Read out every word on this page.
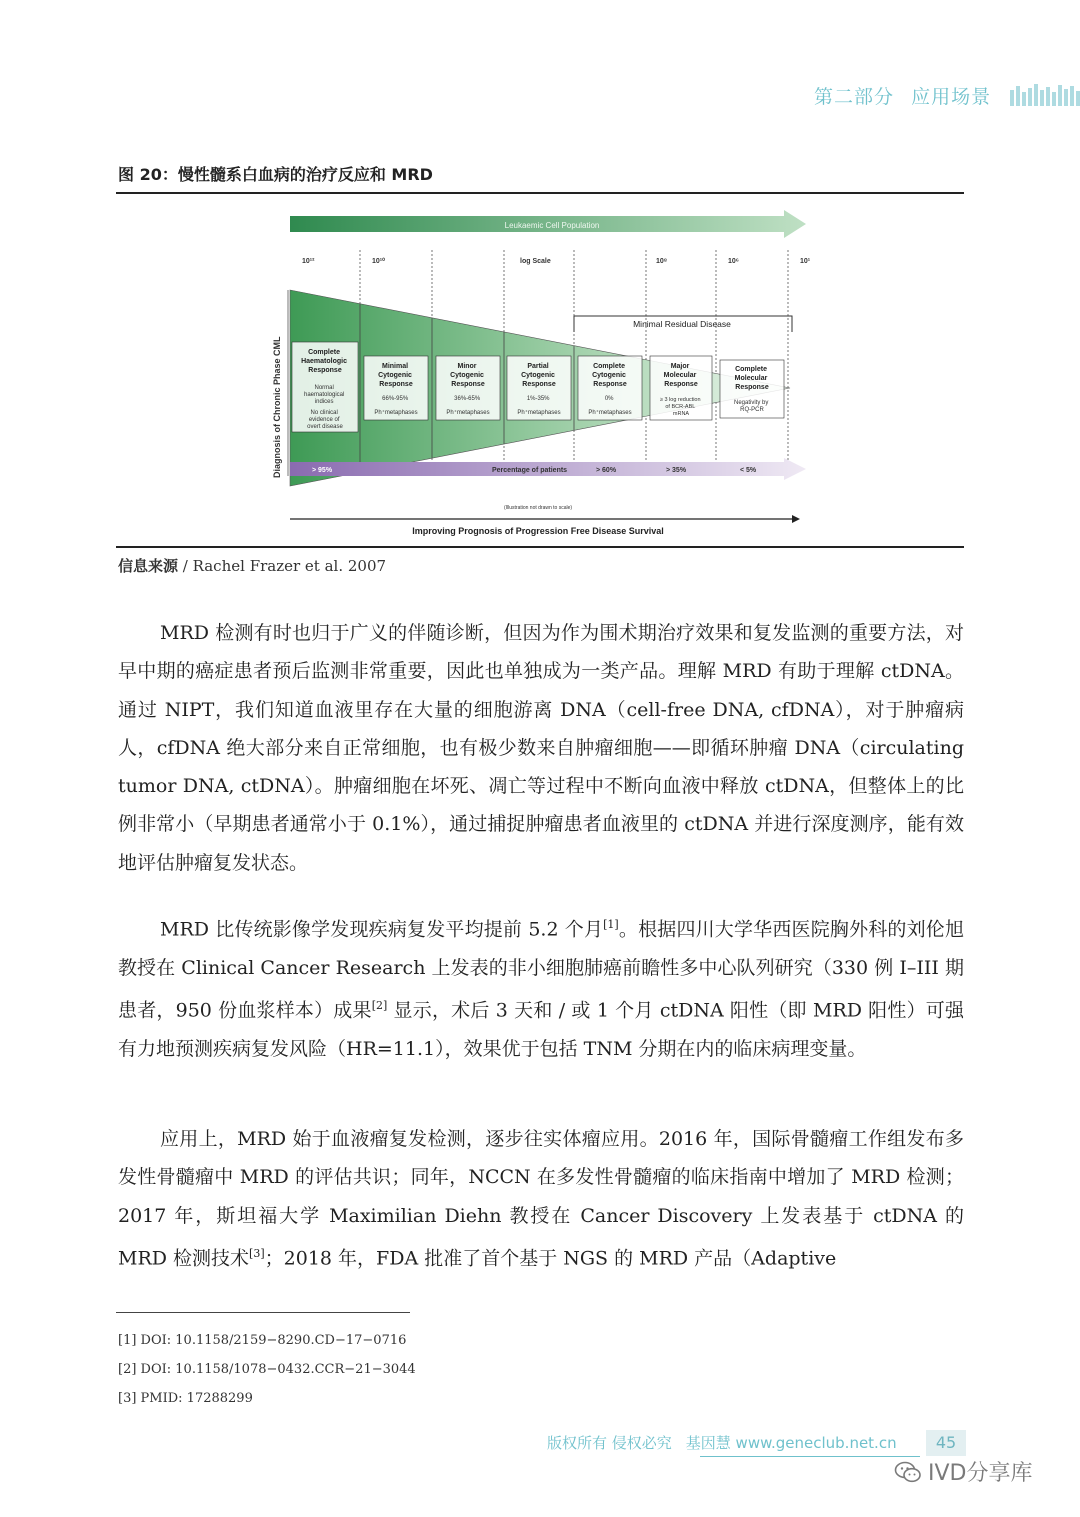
第二部分 应用场景
图 20：慢性髓系白血病的治疗反应和 MRD
Leukaemic Cell Population
10¹²	10¹⁰	log Scale	10⁸	10⁶	10¹
Diagnosis of Chronic Phase CML
Minimal Residual Disease
Complete Haematologic Response
Normal haematological indices No clinical evidence of overt disease
Minimal Cytogenic Response
66%-95% Ph⁺metaphases
Minor Cytogenic Response
36%-65% Ph⁺metaphases
Partial Cytogenic Response
1%-35% Ph⁺metaphases
Complete Cytogenic Response
0% Ph⁺metaphases
Major Molecular Response
≥ 3 log reduction of BCR-ABL mRNA
Complete Molecular Response
Negativity by RQ-PCR
> 95%	Percentage of patients	> 60%	> 35%	< 5%
(Illustration not drawn to scale)
Improving Prognosis of Progression Free Disease Survival
信息来源 / Rachel Frazer et al. 2007

MRD 检测有时也归于广义的伴随诊断，但因为作为围术期治疗效果和复发监测的重要方法，对早中期的癌症患者预后监测非常重要，因此也单独成为一类产品。理解 MRD 有助于理解 ctDNA。通过 NIPT，我们知道血液里存在大量的细胞游离 DNA（cell-free DNA, cfDNA），对于肿瘤病人，cfDNA 绝大部分来自正常细胞，也有极少数来自肿瘤细胞——即循环肿瘤 DNA（circulating tumor DNA, ctDNA）。肿瘤细胞在坏死、凋亡等过程中不断向血液中释放 ctDNA，但整体上的比例非常小（早期患者通常小于 0.1%），通过捕捉肿瘤患者血液里的 ctDNA 并进行深度测序，能有效地评估肿瘤复发状态。

MRD 比传统影像学发现疾病复发平均提前 5.2 个月[1]。根据四川大学华西医院胸外科的刘伦旭教授在 Clinical Cancer Research 上发表的非小细胞肺癌前瞻性多中心队列研究（330 例 I–III 期患者，950 份血浆样本）成果[2] 显示，术后 3 天和 / 或 1 个月 ctDNA 阳性（即 MRD 阳性）可强有力地预测疾病复发风险（HR=11.1），效果优于包括 TNM 分期在内的临床病理变量。

应用上，MRD 始于血液瘤复发检测，逐步往实体瘤应用。2016 年，国际骨髓瘤工作组发布多发性骨髓瘤中 MRD 的评估共识；同年，NCCN 在多发性骨髓瘤的临床指南中增加了 MRD 检测；2017 年，斯坦福大学 Maximilian Diehn 教授在 Cancer Discovery 上发表基于 ctDNA 的 MRD 检测技术[3]；2018 年，FDA 批准了首个基于 NGS 的 MRD 产品（Adaptive

[1] DOI: 10.1158/2159−8290.CD−17−0716
[2] DOI: 10.1158/1078−0432.CCR−21−3044
[3] PMID: 17288299
版权所有 侵权必究 基因慧 www.geneclub.net.cn	45
IVD分享库
